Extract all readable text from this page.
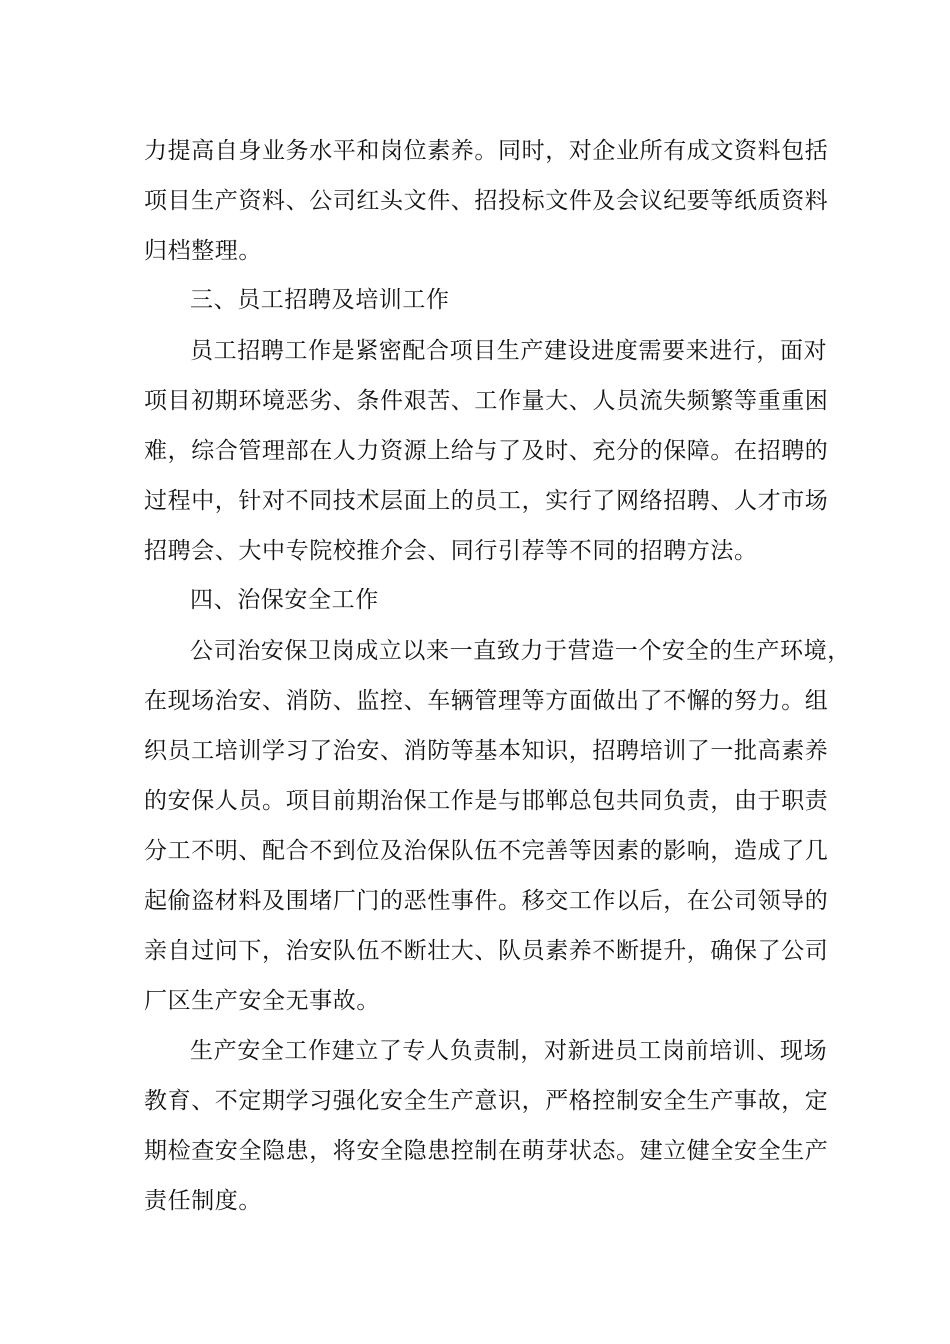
力提高自身业务水平和岗位素养。同时，对企业所有成文资料包括
项目生产资料、公司红头文件、招投标文件及会议纪要等纸质资料
归档整理。
三、员工招聘及培训工作
员工招聘工作是紧密配合项目生产建设进度需要来进行，面对
项目初期环境恶劣、条件艰苦、工作量大、人员流失频繁等重重困
难，综合管理部在人力资源上给与了及时、充分的保障。在招聘的
过程中，针对不同技术层面上的员工，实行了网络招聘、人才市场
招聘会、大中专院校推介会、同行引荐等不同的招聘方法。
四、治保安全工作
公司治安保卫岗成立以来一直致力于营造一个安全的生产环境，
在现场治安、消防、监控、车辆管理等方面做出了不懈的努力。组
织员工培训学习了治安、消防等基本知识，招聘培训了一批高素养
的安保人员。项目前期治保工作是与邯郸总包共同负责，由于职责
分工不明、配合不到位及治保队伍不完善等因素的影响，造成了几
起偷盗材料及围堵厂门的恶性事件。移交工作以后，在公司领导的
亲自过问下，治安队伍不断壮大、队员素养不断提升，确保了公司
厂区生产安全无事故。
生产安全工作建立了专人负责制，对新进员工岗前培训、现场
教育、不定期学习强化安全生产意识，严格控制安全生产事故，定
期检查安全隐患，将安全隐患控制在萌芽状态。建立健全安全生产
责任制度。
